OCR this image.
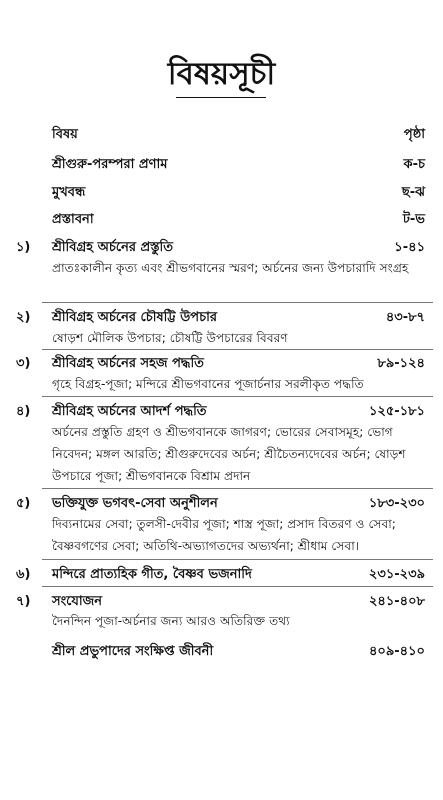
বিষয়সূচী
বিষয়	পৃষ্ঠা
শ্রীগুরু-পরম্পরা প্রণাম	ক-চ
মুখবন্ধ	ছ-ঝ
প্রস্তাবনা	ট-ভ
১) শ্রীবিগ্রহ অর্চনের প্রস্তুতি	১-৪১
প্রাতঃকালীন কৃত্য এবং শ্রীভগবানের স্মরণ; অর্চনের জন্য উপচারাদি সংগ্রহ
২) শ্রীবিগ্রহ অর্চনের চৌষট্টি উপচার	৪৩-৮৭
ষোড়শ মৌলিক উপচার; চৌষট্টি উপচারের বিবরণ
৩) শ্রীবিগ্রহ অর্চনের সহজ পদ্ধতি	৮৯-১২৪
গৃহে বিগ্রহ-পূজা; মন্দিরে শ্রীভগবানের পূজার্চনার সরলীকৃত পদ্ধতি
৪) শ্রীবিগ্রহ অর্চনের আদর্শ পদ্ধতি	১২৫-১৮১
অর্চনের প্রস্তুতি গ্রহণ ও শ্রীভগবানকে জাগরণ; ভোরের সেবাসমূহ; ভোগ নিবেদন; মঙ্গল আরতি; শ্রীগুরুদেবের অর্চন; শ্রীচৈতন্যদেবের অর্চন; ষোড়শ উপচারে পূজা; শ্রীভগবানকে বিশ্রাম প্রদান
৫) ভক্তিযুক্ত ভগবৎ-সেবা অনুশীলন	১৮৩-২৩০
দিব্যনামের সেবা; তুলসী-দেবীর পূজা; শাস্ত্র পূজা; প্রসাদ বিতরণ ও সেবা; বৈষ্ণবগণের সেবা; অতিথি-অভ্যাগতদের অভ্যর্থনা; শ্রীধাম সেবা।
৬) মন্দিরে প্রাত্যহিক গীত, বৈষ্ণব ভজনাদি	২৩১-২৩৯
৭) সংযোজন	২৪১-৪০৮
দৈনন্দিন পূজা-অর্চনার জন্য আরও অতিরিক্ত তথ্য
শ্রীল প্রভুপাদের সংক্ষিপ্ত জীবনী	৪০৯-৪১০
